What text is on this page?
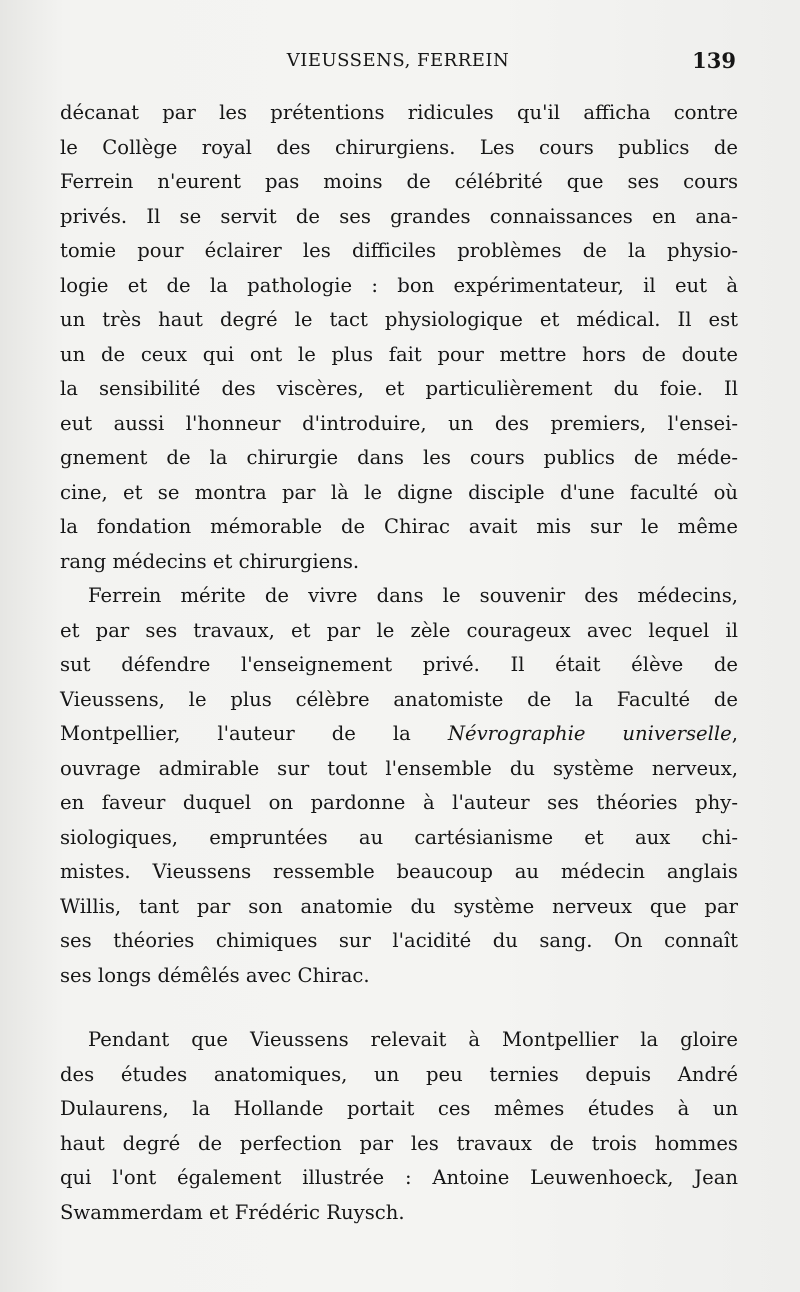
VIEUSSENS, FERREIN	139
décanat par les prétentions ridicules qu'il afficha contre
le Collège royal des chirurgiens. Les cours publics de
Ferrein n'eurent pas moins de célébrité que ses cours
privés. Il se servit de ses grandes connaissances en ana-
tomie pour éclairer les difficiles problèmes de la physio-
logie et de la pathologie : bon expérimentateur, il eut à
un très haut degré le tact physiologique et médical. Il est
un de ceux qui ont le plus fait pour mettre hors de doute
la sensibilité des viscères, et particulièrement du foie. Il
eut aussi l'honneur d'introduire, un des premiers, l'ensei-
gnement de la chirurgie dans les cours publics de méde-
cine, et se montra par là le digne disciple d'une faculté où
la fondation mémorable de Chirac avait mis sur le même
rang médecins et chirurgiens.
Ferrein mérite de vivre dans le souvenir des médecins,
et par ses travaux, et par le zèle courageux avec lequel il
sut défendre l'enseignement privé. Il était élève de
Vieussens, le plus célèbre anatomiste de la Faculté de
Montpellier, l'auteur de la Névrographie universelle,
ouvrage admirable sur tout l'ensemble du système nerveux,
en faveur duquel on pardonne à l'auteur ses théories phy-
siologiques, empruntées au cartésianisme et aux chi-
mistes. Vieussens ressemble beaucoup au médecin anglais
Willis, tant par son anatomie du système nerveux que par
ses théories chimiques sur l'acidité du sang. On connaît
ses longs démêlés avec Chirac.
Pendant que Vieussens relevait à Montpellier la gloire
des études anatomiques, un peu ternies depuis André
Dulaurens, la Hollande portait ces mêmes études à un
haut degré de perfection par les travaux de trois hommes
qui l'ont également illustrée : Antoine Leuwenhoeck, Jean
Swammerdam et Frédéric Ruysch.
